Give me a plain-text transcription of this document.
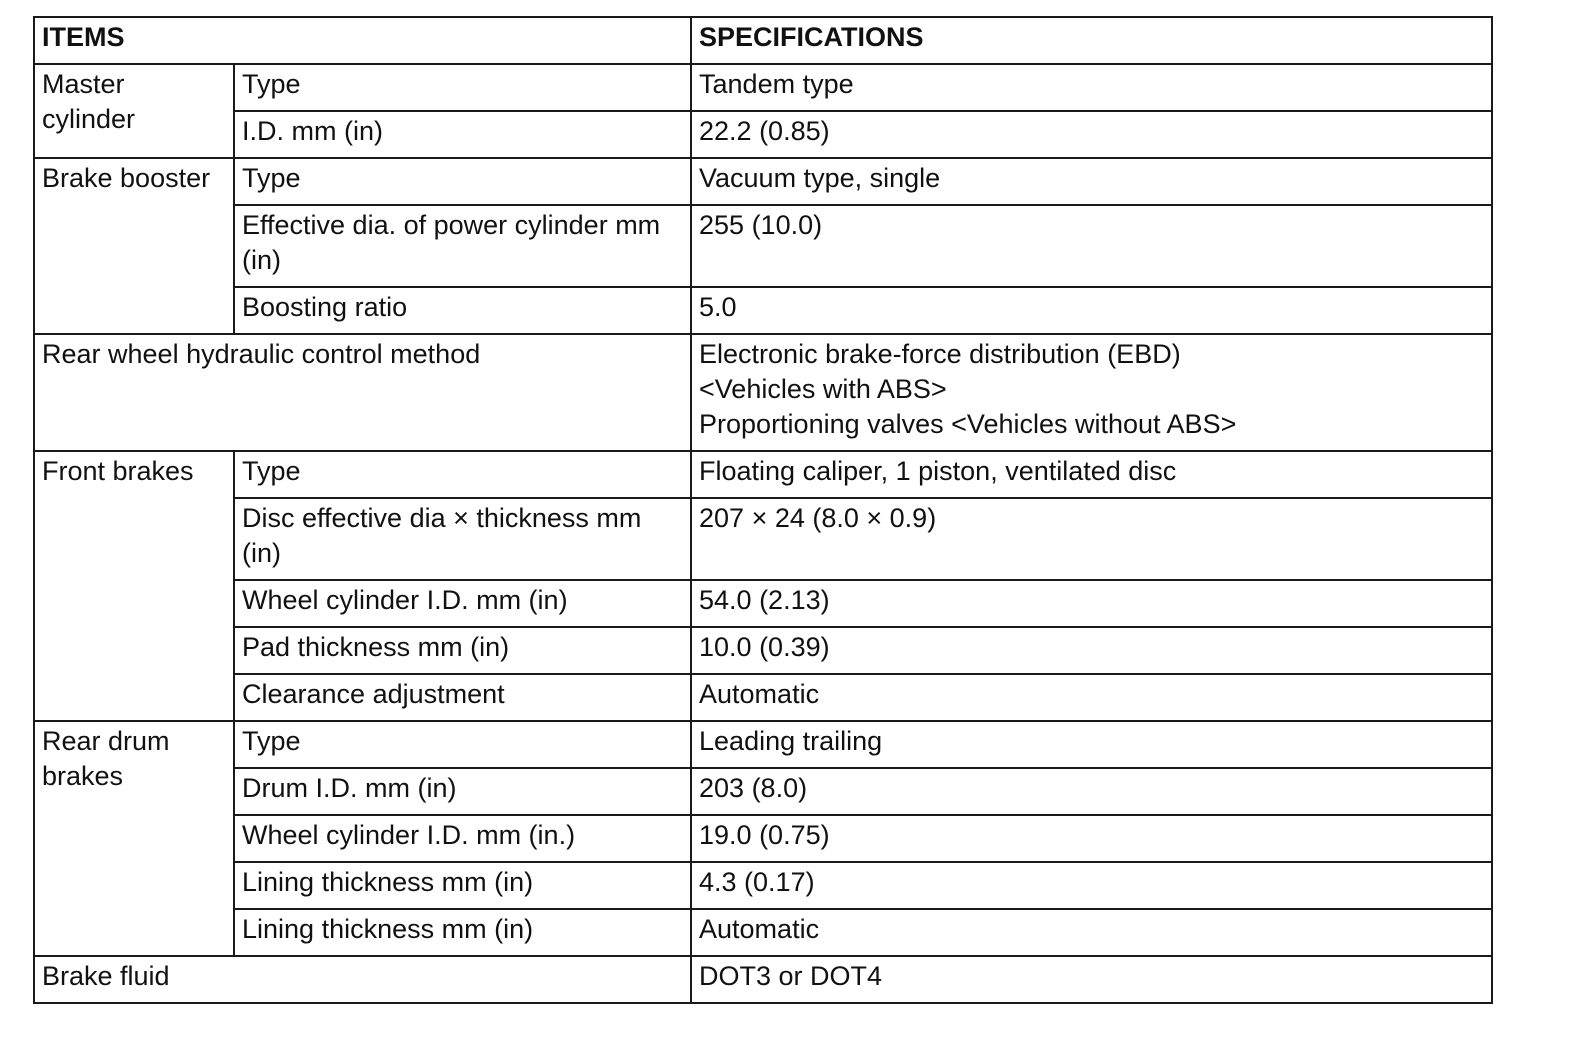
ITEMS		SPECIFICATIONS
Master cylinder	Type	Tandem type
	I.D. mm (in)	22.2 (0.85)
Brake booster	Type	Vacuum type, single
	Effective dia. of power cylinder mm (in)	255 (10.0)
	Boosting ratio	5.0
Rear wheel hydraulic control method		Electronic brake-force distribution (EBD)
<Vehicles with ABS>
Proportioning valves <Vehicles without ABS>
Front brakes	Type	Floating caliper, 1 piston, ventilated disc
	Disc effective dia × thickness mm (in)	207 × 24 (8.0 × 0.9)
	Wheel cylinder I.D. mm (in)	54.0 (2.13)
	Pad thickness mm (in)	10.0 (0.39)
	Clearance adjustment	Automatic
Rear drum brakes	Type	Leading trailing
	Drum I.D. mm (in)	203 (8.0)
	Wheel cylinder I.D. mm (in.)	19.0 (0.75)
	Lining thickness mm (in)	4.3 (0.17)
	Lining thickness mm (in)	Automatic
Brake fluid		DOT3 or DOT4
